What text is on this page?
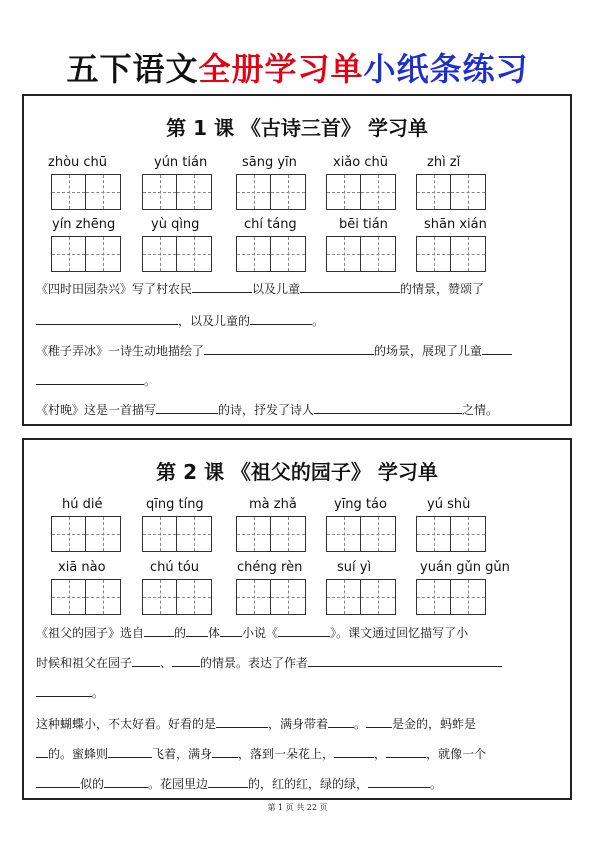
五下语文全册学习单小纸条练习
第 1 课 《古诗三首》 学习单
zhòu chū	yún tián	sāng yīn	xiǎo chū	zhì zǐ
yín zhēng	yù qìng	chí táng	bēi tián	shān xián
《四时田园杂兴》写了村农民	以及儿童	的情景，赞颂了
，以及儿童的	。
《稚子弄冰》一诗生动地描绘了	的场景，展现了儿童
。
《村晚》这是一首描写	的诗，抒发了诗人	之情。
第 2 课 《祖父的园子》 学习单
hú dié	qīng tíng	mà zhǎ	yīng táo	yú shù
xiā nào	chú tóu	chéng rèn	suí yì	yuán gǔn gǔn
《祖父的园子》选自	的 体 小说《	》。课文通过回忆描写了小
时候和祖父在园子 、 的情景。表达了作者
。
这种蝴蝶小，不太好看。好看的是	，满身带着 。 是金的，蚂蚱是
的。蜜蜂则	飞着，满身 ，落到一朵花上，	，	，就像一个
似的	。花园里边	的，红的红，绿的绿，	。
第 1 页 共 22 页
